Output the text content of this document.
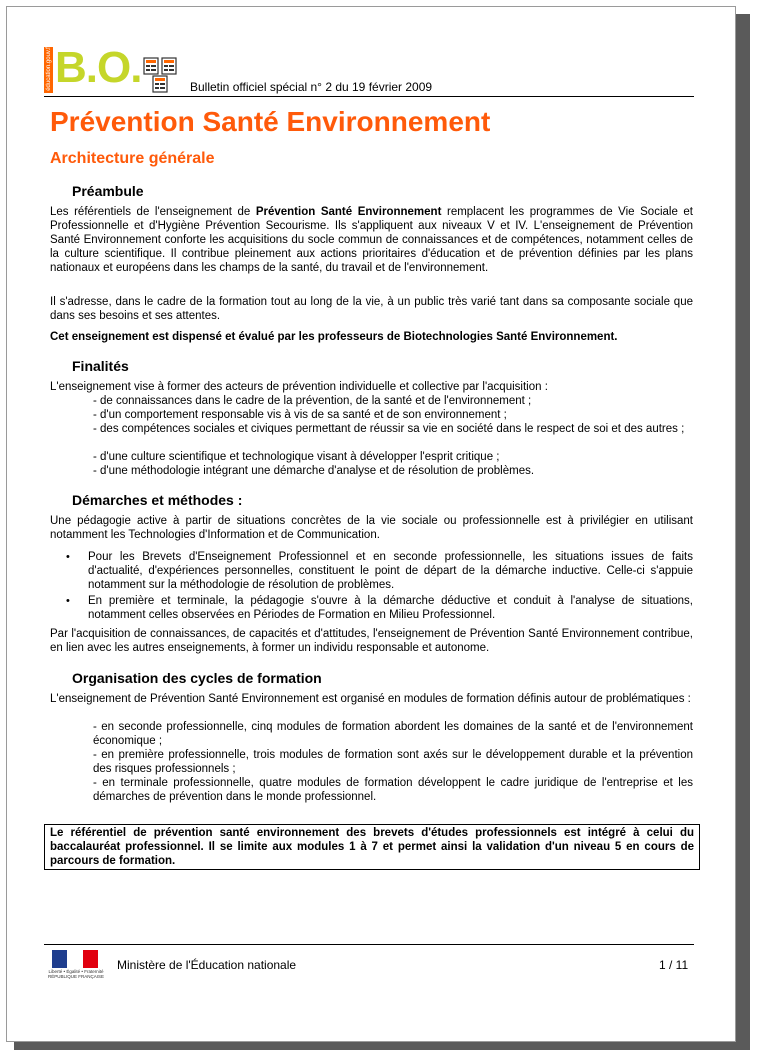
éducation.gouv.fr B.O.	Bulletin officiel spécial n° 2 du 19 février 2009
Prévention Santé Environnement
Architecture générale
Préambule
Les référentiels de l'enseignement de Prévention Santé Environnement remplacent les programmes de Vie Sociale et Professionnelle et d'Hygiène Prévention Secourisme. Ils s'appliquent aux niveaux V et IV. L'enseignement de Prévention Santé Environnement conforte les acquisitions du socle commun de connaissances et de compétences, notamment celles de la culture scientifique. Il contribue pleinement aux actions prioritaires d'éducation et de prévention définies par les plans nationaux et européens dans les champs de la santé, du travail et de l'environnement.
Il s'adresse, dans le cadre de la formation tout au long de la vie, à un public très varié tant dans sa composante sociale que dans ses besoins et ses attentes.
Cet enseignement est dispensé et évalué par les professeurs de Biotechnologies Santé Environnement.
Finalités
L'enseignement vise à former des acteurs de prévention individuelle et collective par l'acquisition :
- de connaissances dans le cadre de la prévention, de la santé et de l'environnement ;
- d'un comportement responsable vis à vis de sa santé et de son environnement ;
- des compétences sociales et civiques permettant de réussir sa vie en société dans le respect de soi et des autres ;
- d'une culture scientifique et technologique visant à développer l'esprit critique ;
- d'une méthodologie intégrant une démarche d'analyse et de résolution de problèmes.
Démarches et méthodes :
Une pédagogie active à partir de situations concrètes de la vie sociale ou professionnelle est à privilégier en utilisant notamment les Technologies d'Information et de Communication.
• Pour les Brevets d'Enseignement Professionnel et en seconde professionnelle, les situations issues de faits d'actualité, d'expériences personnelles, constituent le point de départ de la démarche inductive. Celle-ci s'appuie notamment sur la méthodologie de résolution de problèmes.
• En première et terminale, la pédagogie s'ouvre à la démarche déductive et conduit à l'analyse de situations, notamment celles observées en Périodes de Formation en Milieu Professionnel.
Par l'acquisition de connaissances, de capacités et d'attitudes, l'enseignement de Prévention Santé Environnement contribue, en lien avec les autres enseignements, à former un individu responsable et autonome.
Organisation des cycles de formation
L'enseignement de Prévention Santé Environnement est organisé en modules de formation définis autour de problématiques :
- en seconde professionnelle, cinq modules de formation abordent les domaines de la santé et de l'environnement économique ;
- en première professionnelle, trois modules de formation sont axés sur le développement durable et la prévention des risques professionnels ;
- en terminale professionnelle, quatre modules de formation développent le cadre juridique de l'entreprise et les démarches de prévention dans le monde professionnel.
Le référentiel de prévention santé environnement des brevets d'études professionnels est intégré à celui du baccalauréat professionnel. Il se limite aux modules 1 à 7 et permet ainsi la validation d'un niveau 5 en cours de parcours de formation.
Liberté • Égalité • Fraternité RÉPUBLIQUE FRANÇAISE
Ministère de l'Éducation nationale	1 / 11
